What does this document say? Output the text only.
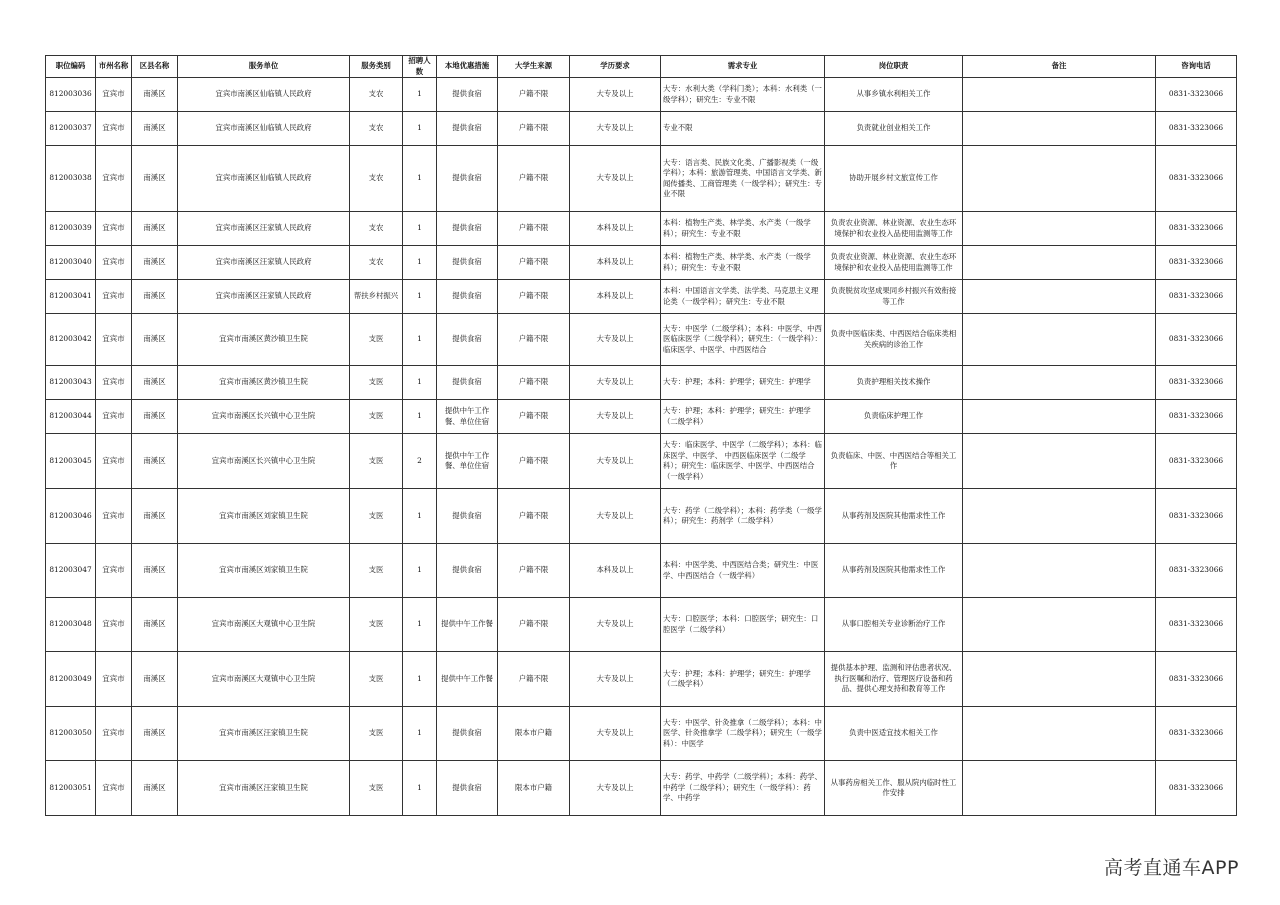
职位编码	市州名称	区县名称	服务单位	服务类别	招聘人数	本地优惠措施	大学生来源	学历要求	需求专业	岗位职责	备注	咨询电话
812003036	宜宾市	南溪区	宜宾市南溪区仙临镇人民政府	支农	1	提供食宿	户籍不限	大专及以上	大专：水利大类（学科门类）；本科：水利类（一级学科）；研究生：专业不限	从事乡镇水利相关工作		0831-3323066
812003037	宜宾市	南溪区	宜宾市南溪区仙临镇人民政府	支农	1	提供食宿	户籍不限	大专及以上	专业不限	负责就业创业相关工作		0831-3323066
812003038	宜宾市	南溪区	宜宾市南溪区仙临镇人民政府	支农	1	提供食宿	户籍不限	大专及以上	大专：语言类、民族文化类、广播影视类（一级学科）；本科：旅游管理类、中国语言文学类、新闻传播类、工商管理类（一级学科）；研究生：专业不限	协助开展乡村文旅宣传工作		0831-3323066
812003039	宜宾市	南溪区	宜宾市南溪区汪家镇人民政府	支农	1	提供食宿	户籍不限	本科及以上	本科：植物生产类、林学类、水产类（一级学科）；研究生：专业不限	负责农业资源、林业资源、农业生态环境保护和农业投入品使用监测等工作		0831-3323066
812003040	宜宾市	南溪区	宜宾市南溪区汪家镇人民政府	支农	1	提供食宿	户籍不限	本科及以上	本科：植物生产类、林学类、水产类（一级学科）；研究生：专业不限	负责农业资源、林业资源、农业生态环境保护和农业投入品使用监测等工作		0831-3323066
812003041	宜宾市	南溪区	宜宾市南溪区汪家镇人民政府	帮扶乡村振兴	1	提供食宿	户籍不限	本科及以上	本科：中国语言文学类、法学类、马克思主义理论类（一级学科）；研究生：专业不限	负责脱贫攻坚成果同乡村振兴有效衔接等工作		0831-3323066
812003042	宜宾市	南溪区	宜宾市南溪区黄沙镇卫生院	支医	1	提供食宿	户籍不限	大专及以上	大专：中医学（二级学科）；本科：中医学、中西医临床医学（二级学科）；研究生：（一级学科）：临床医学、中医学、中西医结合	负责中医临床类、中西医结合临床类相关疾病的诊治工作		0831-3323066
812003043	宜宾市	南溪区	宜宾市南溪区黄沙镇卫生院	支医	1	提供食宿	户籍不限	大专及以上	大专：护理；本科：护理学；研究生：护理学	负责护理相关技术操作		0831-3323066
812003044	宜宾市	南溪区	宜宾市南溪区长兴镇中心卫生院	支医	1	提供中午工作餐、单位住宿	户籍不限	大专及以上	大专：护理；本科：护理学；研究生：护理学（二级学科）	负责临床护理工作		0831-3323066
812003045	宜宾市	南溪区	宜宾市南溪区长兴镇中心卫生院	支医	2	提供中午工作餐、单位住宿	户籍不限	大专及以上	大专：临床医学、中医学（二级学科）；本科：临床医学、中医学、 中西医临床医学（二级学科）；研究生：临床医学、中医学、中西医结合（一级学科）	负责临床、中医、中西医结合等相关工作		0831-3323066
812003046	宜宾市	南溪区	宜宾市南溪区刘家镇卫生院	支医	1	提供食宿	户籍不限	大专及以上	大专：药学（二级学科）；本科：药学类（一级学科）；研究生：药剂学（二级学科）	从事药剂及医院其他需求性工作		0831-3323066
812003047	宜宾市	南溪区	宜宾市南溪区刘家镇卫生院	支医	1	提供食宿	户籍不限	本科及以上	本科：中医学类、中西医结合类；研究生：中医学、中西医结合（一级学科）	从事药剂及医院其他需求性工作		0831-3323066
812003048	宜宾市	南溪区	宜宾市南溪区大观镇中心卫生院	支医	1	提供中午工作餐	户籍不限	大专及以上	大专：口腔医学；本科：口腔医学；研究生：口腔医学（二级学科）	从事口腔相关专业诊断治疗工作		0831-3323066
812003049	宜宾市	南溪区	宜宾市南溪区大观镇中心卫生院	支医	1	提供中午工作餐	户籍不限	大专及以上	大专：护理；本科：护理学；研究生：护理学（二级学科）	提供基本护理、监测和评估患者状况、执行医嘱和治疗、管理医疗设备和药品、提供心理支持和教育等工作		0831-3323066
812003050	宜宾市	南溪区	宜宾市南溪区汪家镇卫生院	支医	1	提供食宿	限本市户籍	大专及以上	大专：中医学、针灸推拿（二级学科）；本科：中医学、针灸推拿学（二级学科）；研究生（一级学科）：中医学	负责中医适宜技术相关工作		0831-3323066
812003051	宜宾市	南溪区	宜宾市南溪区汪家镇卫生院	支医	1	提供食宿	限本市户籍	大专及以上	大专：药学、中药学（二级学科）；本科：药学、中药学（二级学科）；研究生（一级学科）：药学、中药学	从事药房相关工作、服从院内临时性工作安排		0831-3323066
高考直通车APP
